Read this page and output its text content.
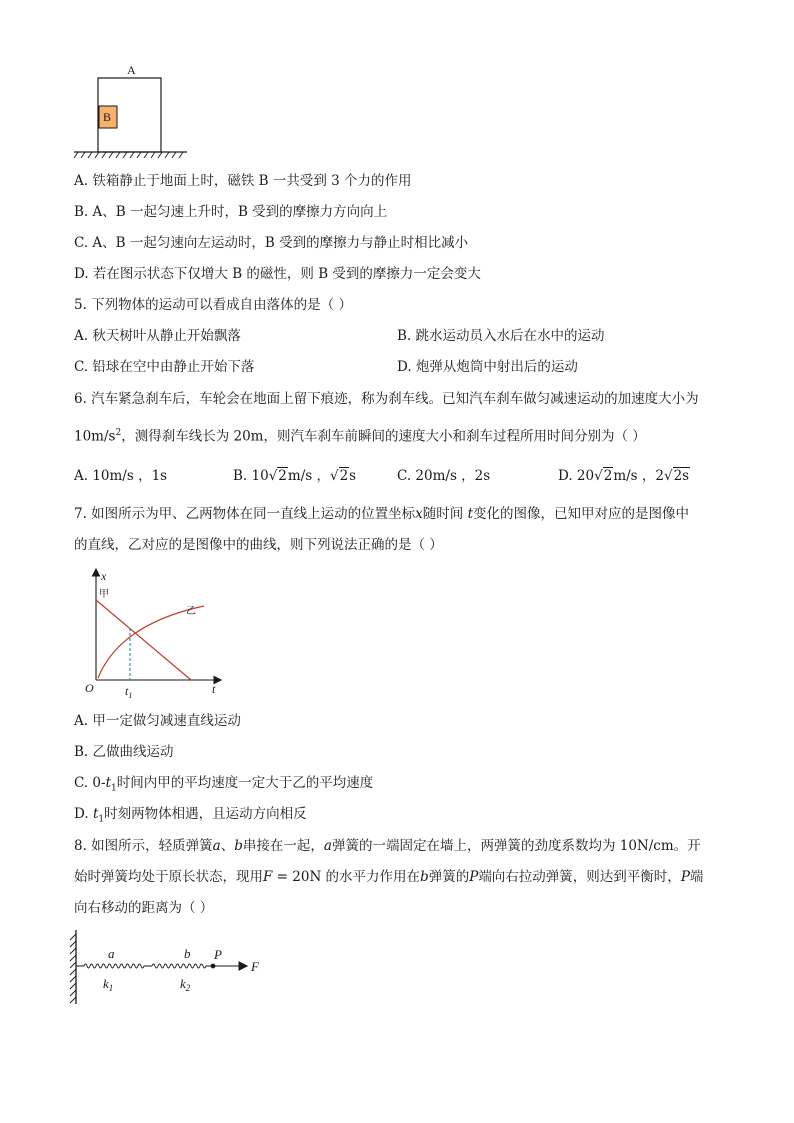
A
B
A. 铁箱静止于地面上时，磁铁 B 一共受到 3 个力的作用
B. A、B 一起匀速上升时，B 受到的摩擦力方向向上
C. A、B 一起匀速向左运动时，B 受到的摩擦力与静止时相比减小
D. 若在图示状态下仅增大 B 的磁性，则 B 受到的摩擦力一定会变大
5. 下列物体的运动可以看成自由落体的是（ ）
A. 秋天树叶从静止开始飘落	B. 跳水运动员入水后在水中的运动
C. 铅球在空中由静止开始下落	D. 炮弹从炮筒中射出后的运动
6. 汽车紧急刹车后，车轮会在地面上留下痕迹，称为刹车线。已知汽车刹车做匀减速运动的加速度大小为
$10m/s^2$，测得刹车线长为 20m，则汽车刹车前瞬间的速度大小和刹车过程所用时间分别为（ ）
A. 10m/s ，1s	B. 10√2m/s ，√2s	C. 20m/s ，2s	D. 20√2m/s ，2√2s
7. 如图所示为甲、乙两物体在同一直线上运动的位置坐标x随时间 t变化的图像，已知甲对应的是图像中
的直线，乙对应的是图像中的曲线，则下列说法正确的是（ ）
x
t
O	$t_1$
甲
乙
A. 甲一定做匀减速直线运动
B. 乙做曲线运动
C. $0-t_1$时间内甲的平均速度一定大于乙的平均速度
D. $t_1$时刻两物体相遇，且运动方向相反
8. 如图所示，轻质弹簧a、b串接在一起，a弹簧的一端固定在墙上，两弹簧的劲度系数均为 10N/cm。开
始时弹簧均处于原长状态，现用F = 20N 的水平力作用在b弹簧的P端向右拉动弹簧，则达到平衡时，P端
向右移动的距离为（ ）
a	b
$k_1$	$k_2$
P
F
